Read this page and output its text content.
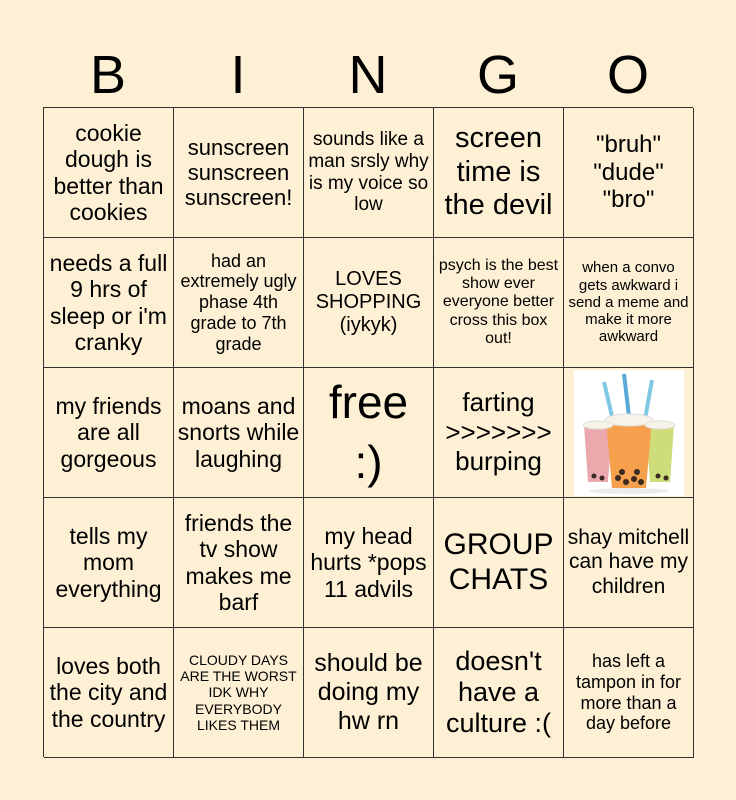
B	I	N	G	O
cookie dough is better than cookies
sunscreen sunscreen sunscreen!
sounds like a man srsly why is my voice so low
screen time is the devil
"bruh" "dude" "bro"
needs a full 9 hrs of sleep or i'm cranky
had an extremely ugly phase 4th grade to 7th grade
LOVES SHOPPING (iykyk)
psych is the best show ever everyone better cross this box out!
when a convo gets awkward i send a meme and make it more awkward
my friends are all gorgeous
moans and snorts while laughing
free :)
farting >>>>>>> burping
tells my mom everything
friends the tv show makes me barf
my head hurts *pops 11 advils
GROUP CHATS
shay mitchell can have my children
loves both the city and the country
CLOUDY DAYS ARE THE WORST IDK WHY EVERYBODY LIKES THEM
should be doing my hw rn
doesn't have a culture :(
has left a tampon in for more than a day before
